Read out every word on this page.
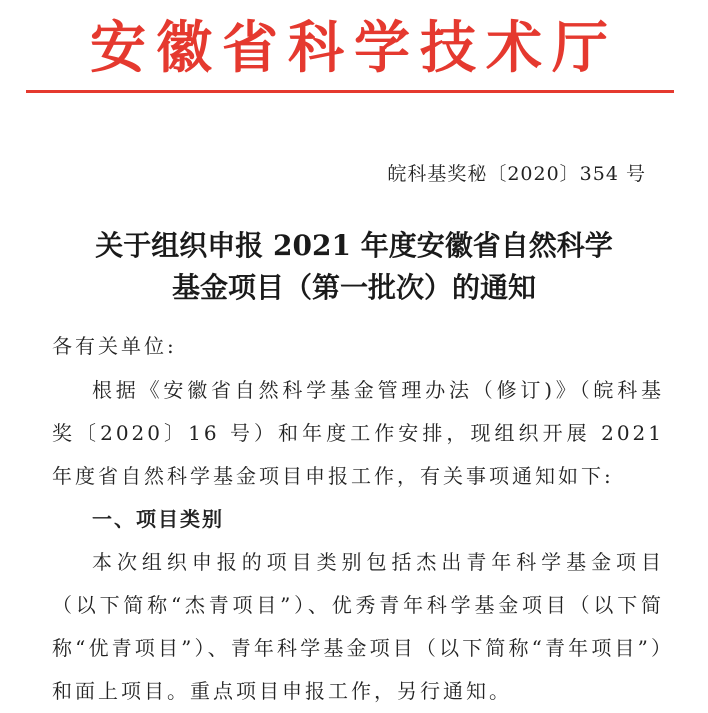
安徽省科学技术厅
皖科基奖秘〔2020〕354 号
关于组织申报 2021 年度安徽省自然科学
基金项目（第一批次）的通知
各有关单位:
根据《安徽省自然科学基金管理办法（修订)》（皖科基奖〔2020〕16 号）和年度工作安排，现组织开展 2021 年度省自然科学基金项目申报工作，有关事项通知如下:
一、项目类别
本次组织申报的项目类别包括杰出青年科学基金项目（以下简称“杰青项目”）、优秀青年科学基金项目（以下简称“优青项目”）、青年科学基金项目（以下简称“青年项目”）和面上项目。重点项目申报工作，另行通知。
